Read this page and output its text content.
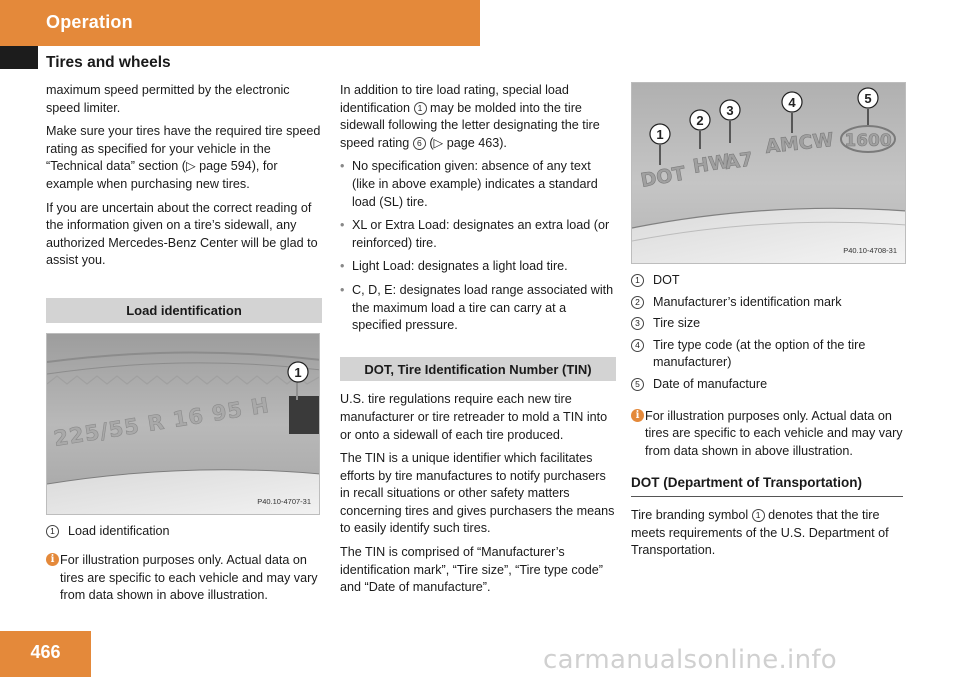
Operation
Tires and wheels

maximum speed permitted by the electronic speed limiter.

Make sure your tires have the required tire speed rating as specified for your vehicle in the “Technical data” section (▷ page 594), for example when purchasing new tires.

If you are uncertain about the correct reading of the information given on a tire’s sidewall, any authorized Mercedes-Benz Center will be glad to assist you.

Load identification
225/55 R 16 95 H
1
P40.10-4707-31
1	Load identification
i For illustration purposes only. Actual data on tires are specific to each vehicle and may vary from data shown in above illustration.

In addition to tire load rating, special load identification 1 may be molded into the tire sidewall following the letter designating the tire speed rating 6 (▷ page 463).

• No specification given: absence of any text (like in above example) indicates a standard load (SL) tire.
• XL or Extra Load: designates an extra load (or reinforced) tire.
• Light Load: designates a light load tire.
• C, D, E: designates load range associated with the maximum load a tire can carry at a specified pressure.
DOT, Tire Identification Number (TIN)

U.S. tire regulations require each new tire manufacturer or tire retreader to mold a TIN into or onto a sidewall of each tire produced.

The TIN is a unique identifier which facilitates efforts by tire manufactures to notify purchasers in recall situations or other safety matters concerning tires and gives purchasers the means to easily identify such tires.

The TIN is comprised of “Manufacturer’s identification mark”, “Tire size”, “Tire type code” and “Date of manufacture”.

DOT HW
A7
AMCW 1600
1
2
3
4	5
P40.10-4708-31
1	DOT
2	Manufacturer’s identification mark
3	Tire size
4	Tire type code (at the option of the tire manufacturer)
5	Date of manufacture
i For illustration purposes only. Actual data on tires are specific to each vehicle and may vary from data shown in above illustration.
DOT (Department of Transportation)

Tire branding symbol 1 denotes that the tire meets requirements of the U.S. Department of Transportation.

466	carmanualsonline.info
